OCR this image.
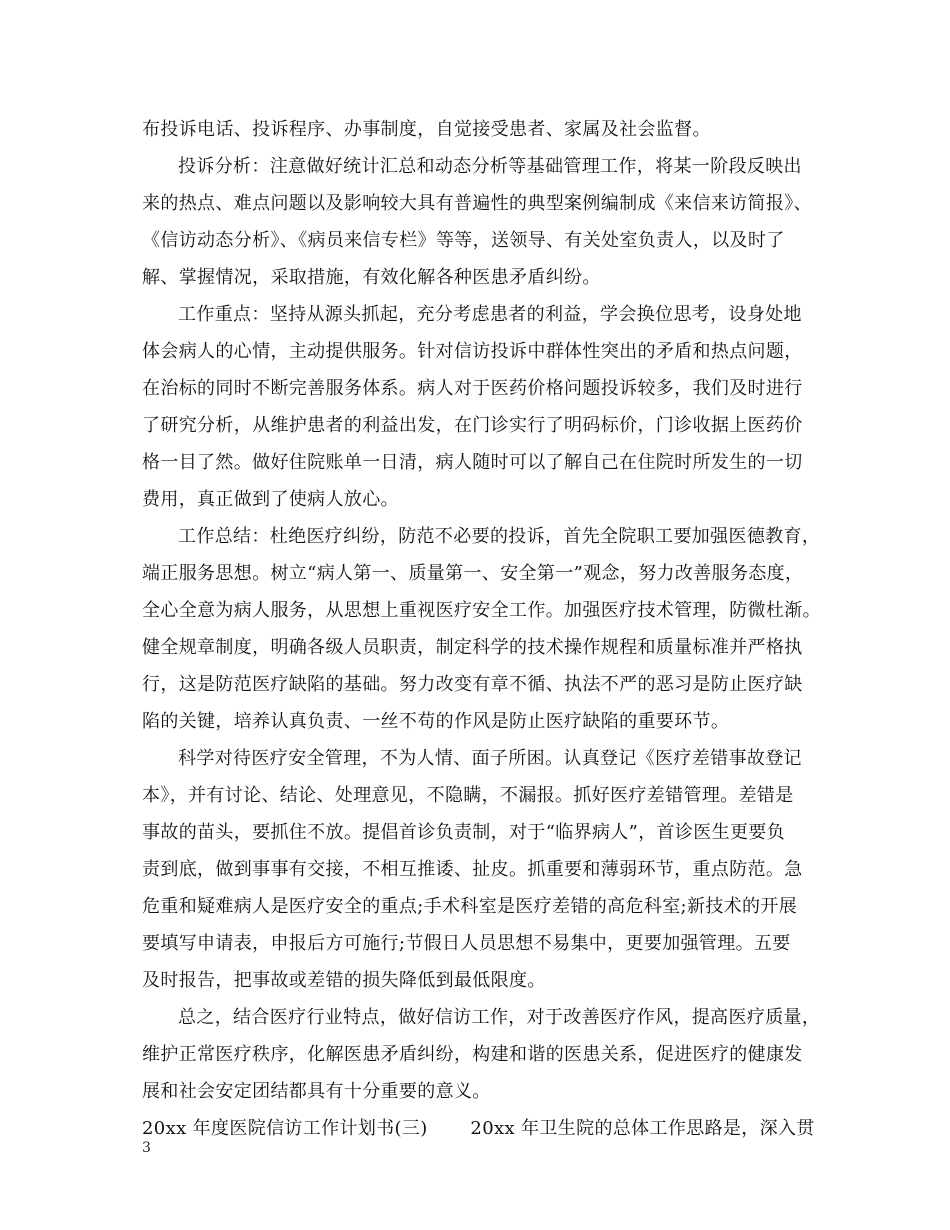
布投诉电话、投诉程序、办事制度，自觉接受患者、家属及社会监督。
投诉分析：注意做好统计汇总和动态分析等基础管理工作，将某一阶段反映出
来的热点、难点问题以及影响较大具有普遍性的典型案例编制成《来信来访简报》、
《信访动态分析》、《病员来信专栏》等等，送领导、有关处室负责人，以及时了
解、掌握情况，采取措施，有效化解各种医患矛盾纠纷。
工作重点：坚持从源头抓起，充分考虑患者的利益，学会换位思考，设身处地
体会病人的心情，主动提供服务。针对信访投诉中群体性突出的矛盾和热点问题，
在治标的同时不断完善服务体系。病人对于医药价格问题投诉较多，我们及时进行
了研究分析，从维护患者的利益出发，在门诊实行了明码标价，门诊收据上医药价
格一目了然。做好住院账单一日清，病人随时可以了解自己在住院时所发生的一切
费用，真正做到了使病人放心。
工作总结：杜绝医疗纠纷，防范不必要的投诉，首先全院职工要加强医德教育，
端正服务思想。树立“病人第一、质量第一、安全第一”观念，努力改善服务态度，
全心全意为病人服务，从思想上重视医疗安全工作。加强医疗技术管理，防微杜渐。
健全规章制度，明确各级人员职责，制定科学的技术操作规程和质量标准并严格执
行，这是防范医疗缺陷的基础。努力改变有章不循、执法不严的恶习是防止医疗缺
陷的关键，培养认真负责、一丝不苟的作风是防止医疗缺陷的重要环节。
科学对待医疗安全管理，不为人情、面子所困。认真登记《医疗差错事故登记
本》，并有讨论、结论、处理意见，不隐瞒，不漏报。抓好医疗差错管理。差错是
事故的苗头，要抓住不放。提倡首诊负责制，对于“临界病人”，首诊医生更要负
责到底，做到事事有交接，不相互推诿、扯皮。抓重要和薄弱环节，重点防范。急
危重和疑难病人是医疗安全的重点;手术科室是医疗差错的高危科室;新技术的开展
要填写申请表，申报后方可施行;节假日人员思想不易集中，更要加强管理。五要
及时报告，把事故或差错的损失降低到最低限度。
总之，结合医疗行业特点，做好信访工作，对于改善医疗作风，提高医疗质量，
维护正常医疗秩序，化解医患矛盾纠纷，构建和谐的医患关系，促进医疗的健康发
展和社会安定团结都具有十分重要的意义。
20xx 年度医院信访工作计划书(三)　　 20xx 年卫生院的总体工作思路是，深入贯
3
